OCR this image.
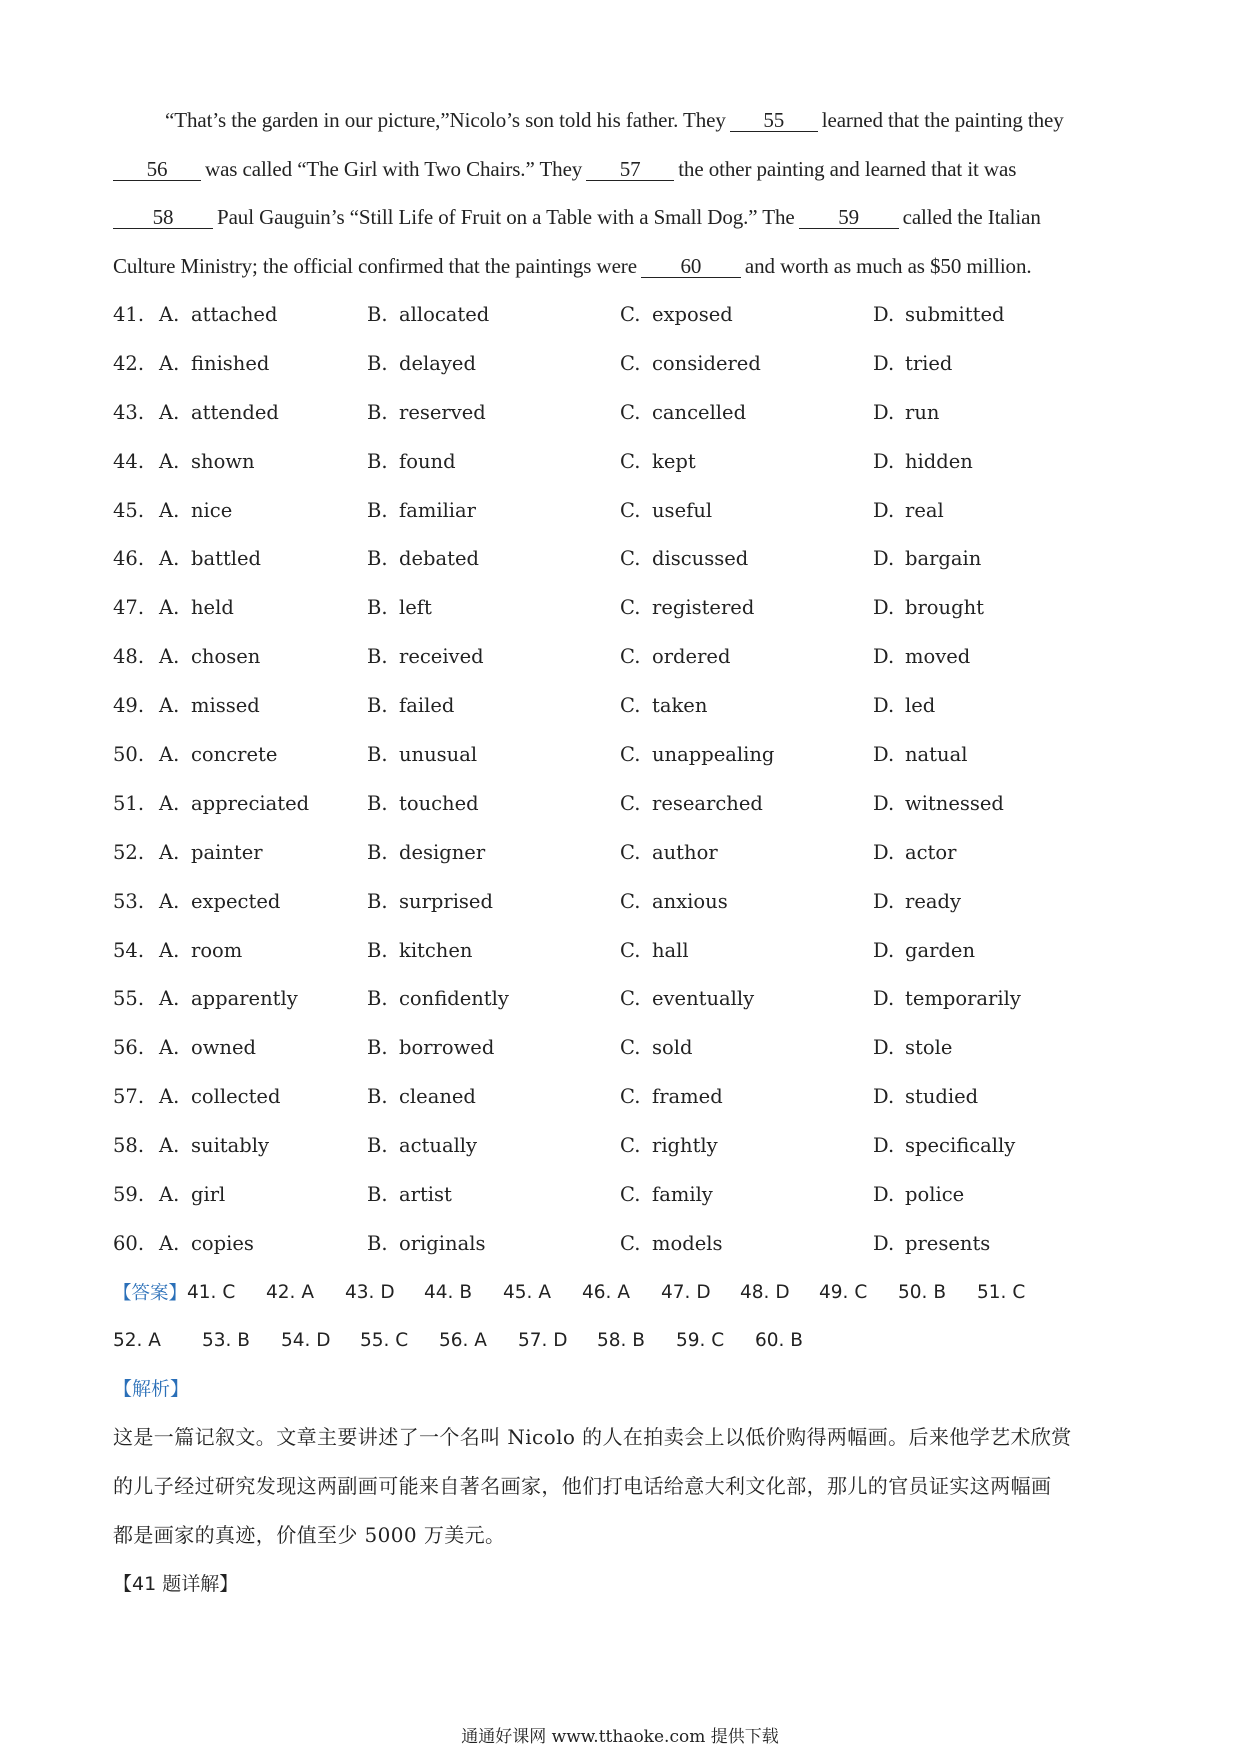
“That’s the garden in our picture,”Nicolo’s son told his father. They 55 learned that the painting they
56 was called “The Girl with Two Chairs.” They 57 the other painting and learned that it was
58 Paul Gauguin’s “Still Life of Fruit on a Table with a Small Dog.” The 59 called the Italian
Culture Ministry; the official confirmed that the paintings were 60 and worth as much as $50 million.
41. A. attached	B. allocated	C. exposed	D. submitted
42. A. finished	B. delayed	C. considered	D. tried
43. A. attended	B. reserved	C. cancelled	D. run
44. A. shown	B. found	C. kept	D. hidden
45. A. nice	B. familiar	C. useful	D. real
46. A. battled	B. debated	C. discussed	D. bargain
47. A. held	B. left	C. registered	D. brought
48. A. chosen	B. received	C. ordered	D. moved
49. A. missed	B. failed	C. taken	D. led
50. A. concrete	B. unusual	C. unappealing	D. natual
51. A. appreciated	B. touched	C. researched	D. witnessed
52. A. painter	B. designer	C. author	D. actor
53. A. expected	B. surprised	C. anxious	D. ready
54. A. room	B. kitchen	C. hall	D. garden
55. A. apparently	B. confidently	C. eventually	D. temporarily
56. A. owned	B. borrowed	C. sold	D. stole
57. A. collected	B. cleaned	C. framed	D. studied
58. A. suitably	B. actually	C. rightly	D. specifically
59. A. girl	B. artist	C. family	D. police
60. A. copies	B. originals	C. models	D. presents
【答案】 41. C	42. A	43. D	44. B	45. A	46. A	47. D	48. D	49. C	50. B	51. C
52. A	53. B	54. D	55. C	56. A	57. D	58. B	59. C	60. B
【解析】
这是一篇记叙文。文章主要讲述了一个名叫 Nicolo 的人在拍卖会上以低价购得两幅画。后来他学艺术欣赏
的儿子经过研究发现这两副画可能来自著名画家，他们打电话给意大利文化部，那儿的官员证实这两幅画
都是画家的真迹，价值至少 5000 万美元。
【41 题详解】
通通好课网 www.tthaoke.com 提供下载
